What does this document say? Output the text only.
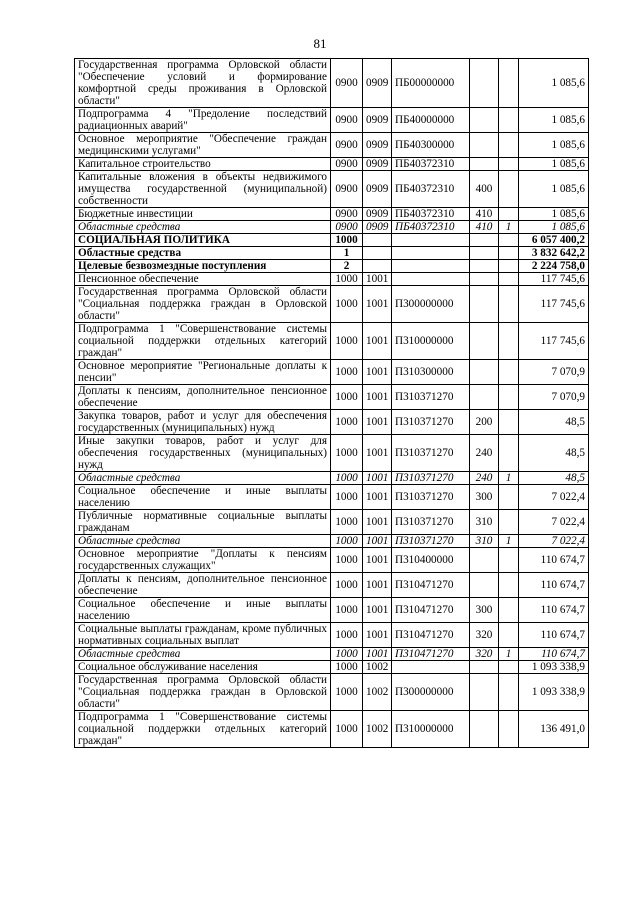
81
Государственная программа Орловской области "Обеспечение условий и формирование комфортной среды проживания в Орловской области"	0900	0909	ПБ00000000			1 085,6
Подпрограмма 4 "Предоление последствий радиационных аварий"	0900	0909	ПБ40000000			1 085,6
Основное мероприятие "Обеспечение граждан медицинскими услугами"	0900	0909	ПБ40300000			1 085,6
Капитальное строительство	0900	0909	ПБ40372310			1 085,6
Капитальные вложения в объекты недвижимого имущества государственной (муниципальной) собственности	0900	0909	ПБ40372310	400		1 085,6
Бюджетные инвестиции	0900	0909	ПБ40372310	410		1 085,6
Областные средства	0900	0909	ПБ40372310	410	1	1 085,6
СОЦИАЛЬНАЯ ПОЛИТИКА	1000					6 057 400,2
Областные средства	1					3 832 642,2
Целевые безвозмездные поступления	2					2 224 758,0
Пенсионное обеспечение	1000	1001				117 745,6
Государственная программа Орловской области "Социальная поддержка граждан в Орловской области"	1000	1001	П300000000			117 745,6
Подпрограмма 1 "Совершенствование системы социальной поддержки отдельных категорий граждан"	1000	1001	П310000000			117 745,6
Основное мероприятие "Региональные доплаты к пенсии"	1000	1001	П310300000			7 070,9
Доплаты к пенсиям, дополнительное пенсионное обеспечение	1000	1001	П310371270			7 070,9
Закупка товаров, работ и услуг для обеспечения государственных (муниципальных) нужд	1000	1001	П310371270	200		48,5
Иные закупки товаров, работ и услуг для обеспечения государственных (муниципальных) нужд	1000	1001	П310371270	240		48,5
Областные средства	1000	1001	П310371270	240	1	48,5
Социальное обеспечение и иные выплаты населению	1000	1001	П310371270	300		7 022,4
Публичные нормативные социальные выплаты гражданам	1000	1001	П310371270	310		7 022,4
Областные средства	1000	1001	П310371270	310	1	7 022,4
Основное мероприятие "Доплаты к пенсиям государственных служащих"	1000	1001	П310400000			110 674,7
Доплаты к пенсиям, дополнительное пенсионное обеспечение	1000	1001	П310471270			110 674,7
Социальное обеспечение и иные выплаты населению	1000	1001	П310471270	300		110 674,7
Социальные выплаты гражданам, кроме публичных нормативных социальных выплат	1000	1001	П310471270	320		110 674,7
Областные средства	1000	1001	П310471270	320	1	110 674,7
Социальное обслуживание населения	1000	1002				1 093 338,9
Государственная программа Орловской области "Социальная поддержка граждан в Орловской области"	1000	1002	П300000000			1 093 338,9
Подпрограмма 1 "Совершенствование системы социальной поддержки отдельных категорий граждан"	1000	1002	П310000000			136 491,0
